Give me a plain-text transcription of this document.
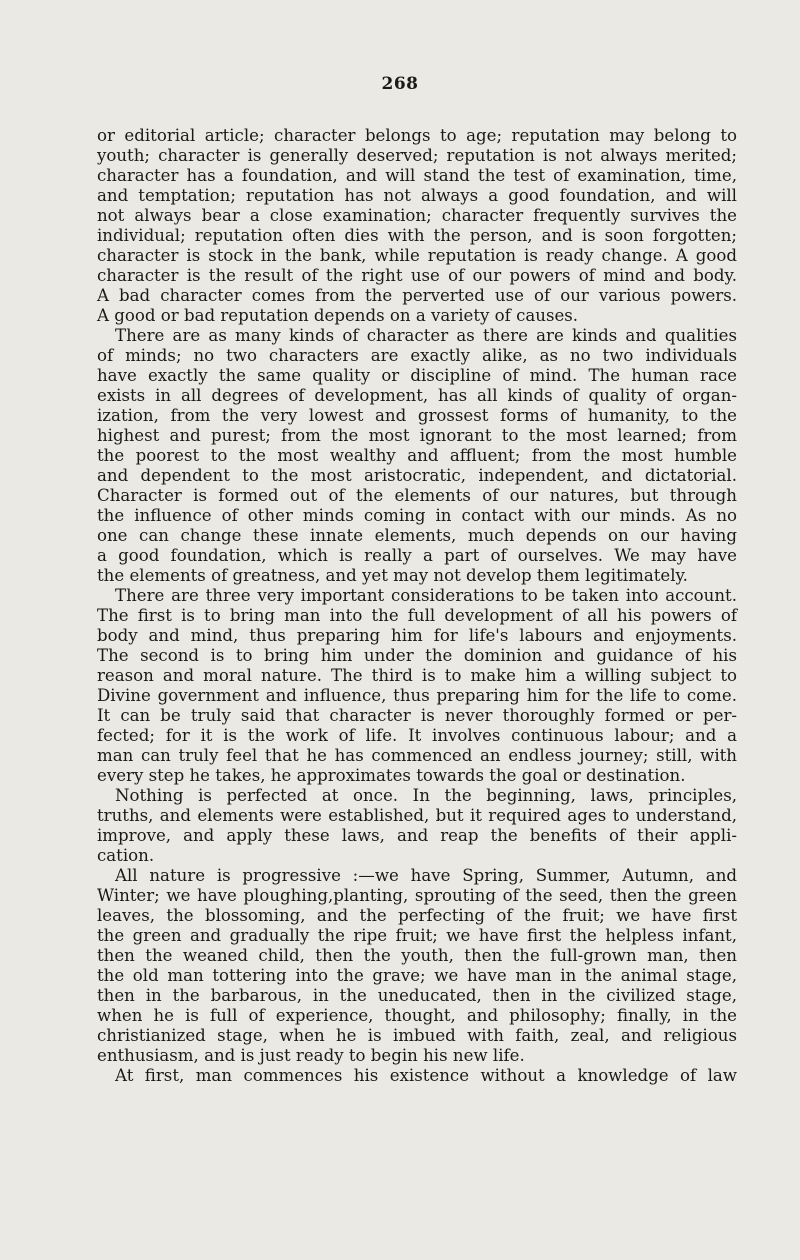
268
or editorial article; character belongs to age; reputation may belong to
youth; character is generally deserved; reputation is not always merited;
character has a foundation, and will stand the test of examination, time,
and temptation; reputation has not always a good foundation, and will
not always bear a close examination; character frequently survives the
individual; reputation often dies with the person, and is soon forgotten;
character is stock in the bank, while reputation is ready change. A good
character is the result of the right use of our powers of mind and body.
A bad character comes from the perverted use of our various powers.
A good or bad reputation depends on a variety of causes.
There are as many kinds of character as there are kinds and qualities
of minds; no two characters are exactly alike, as no two individuals
have exactly the same quality or discipline of mind. The human race
exists in all degrees of development, has all kinds of quality of organ-
ization, from the very lowest and grossest forms of humanity, to the
highest and purest; from the most ignorant to the most learned; from
the poorest to the most wealthy and affluent; from the most humble
and dependent to the most aristocratic, independent, and dictatorial.
Character is formed out of the elements of our natures, but through
the influence of other minds coming in contact with our minds. As no
one can change these innate elements, much depends on our having
a good foundation, which is really a part of ourselves. We may have
the elements of greatness, and yet may not develop them legitimately.
There are three very important considerations to be taken into account.
The first is to bring man into the full development of all his powers of
body and mind, thus preparing him for life's labours and enjoyments.
The second is to bring him under the dominion and guidance of his
reason and moral nature. The third is to make him a willing subject to
Divine government and influence, thus preparing him for the life to come.
It can be truly said that character is never thoroughly formed or per-
fected; for it is the work of life. It involves continuous labour; and a
man can truly feel that he has commenced an endless journey; still, with
every step he takes, he approximates towards the goal or destination.
Nothing is perfected at once. In the beginning, laws, principles,
truths, and elements were established, but it required ages to understand,
improve, and apply these laws, and reap the benefits of their appli-
cation.
All nature is progressive :—we have Spring, Summer, Autumn, and
Winter; we have ploughing,planting, sprouting of the seed, then the green
leaves, the blossoming, and the perfecting of the fruit; we have first
the green and gradually the ripe fruit; we have first the helpless infant,
then the weaned child, then the youth, then the full-grown man, then
the old man tottering into the grave; we have man in the animal stage,
then in the barbarous, in the uneducated, then in the civilized stage,
when he is full of experience, thought, and philosophy; finally, in the
christianized stage, when he is imbued with faith, zeal, and religious
enthusiasm, and is just ready to begin his new life.
At first, man commences his existence without a knowledge of law
